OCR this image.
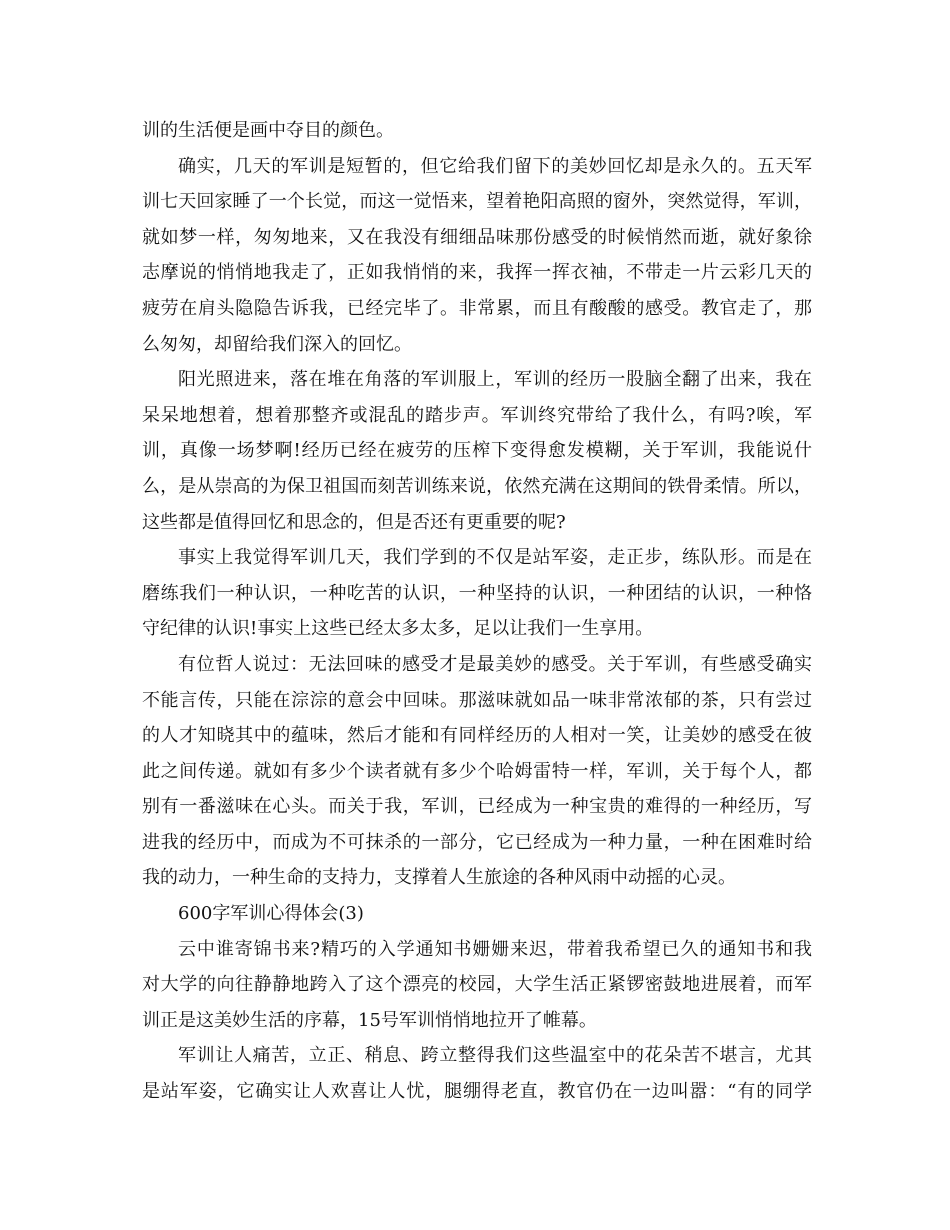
训的生活便是画中夺目的颜色。
确实，几天的军训是短暂的，但它给我们留下的美妙回忆却是永久的。五天军
训七天回家睡了一个长觉，而这一觉悟来，望着艳阳高照的窗外，突然觉得，军训，
就如梦一样，匆匆地来，又在我没有细细品味那份感受的时候悄然而逝，就好象徐
志摩说的悄悄地我走了，正如我悄悄的来，我挥一挥衣袖，不带走一片云彩几天的
疲劳在肩头隐隐告诉我，已经完毕了。非常累，而且有酸酸的感受。教官走了，那
么匆匆，却留给我们深入的回忆。
阳光照进来，落在堆在角落的军训服上，军训的经历一股脑全翻了出来，我在
呆呆地想着，想着那整齐或混乱的踏步声。军训终究带给了我什么，有吗?唉，军
训，真像一场梦啊!经历已经在疲劳的压榨下变得愈发模糊，关于军训，我能说什
么，是从崇高的为保卫祖国而刻苦训练来说，依然充满在这期间的铁骨柔情。所以，
这些都是值得回忆和思念的，但是否还有更重要的呢?
事实上我觉得军训几天，我们学到的不仅是站军姿，走正步，练队形。而是在
磨练我们一种认识，一种吃苦的认识，一种坚持的认识，一种团结的认识，一种恪
守纪律的认识!事实上这些已经太多太多，足以让我们一生享用。
有位哲人说过：无法回味的感受才是最美妙的感受。关于军训，有些感受确实
不能言传，只能在淙淙的意会中回味。那滋味就如品一味非常浓郁的茶，只有尝过
的人才知晓其中的蕴味，然后才能和有同样经历的人相对一笑，让美妙的感受在彼
此之间传递。就如有多少个读者就有多少个哈姆雷特一样，军训，关于每个人，都
别有一番滋味在心头。而关于我，军训，已经成为一种宝贵的难得的一种经历，写
进我的经历中，而成为不可抹杀的一部分，它已经成为一种力量，一种在困难时给
我的动力，一种生命的支持力，支撑着人生旅途的各种风雨中动摇的心灵。
600字军训心得体会(3)
云中谁寄锦书来?精巧的入学通知书姗姗来迟，带着我希望已久的通知书和我
对大学的向往静静地跨入了这个漂亮的校园，大学生活正紧锣密鼓地进展着，而军
训正是这美妙生活的序幕，15号军训悄悄地拉开了帷幕。
军训让人痛苦，立正、稍息、跨立整得我们这些温室中的花朵苦不堪言，尤其
是站军姿，它确实让人欢喜让人忧，腿绷得老直，教官仍在一边叫嚣：“有的同学
